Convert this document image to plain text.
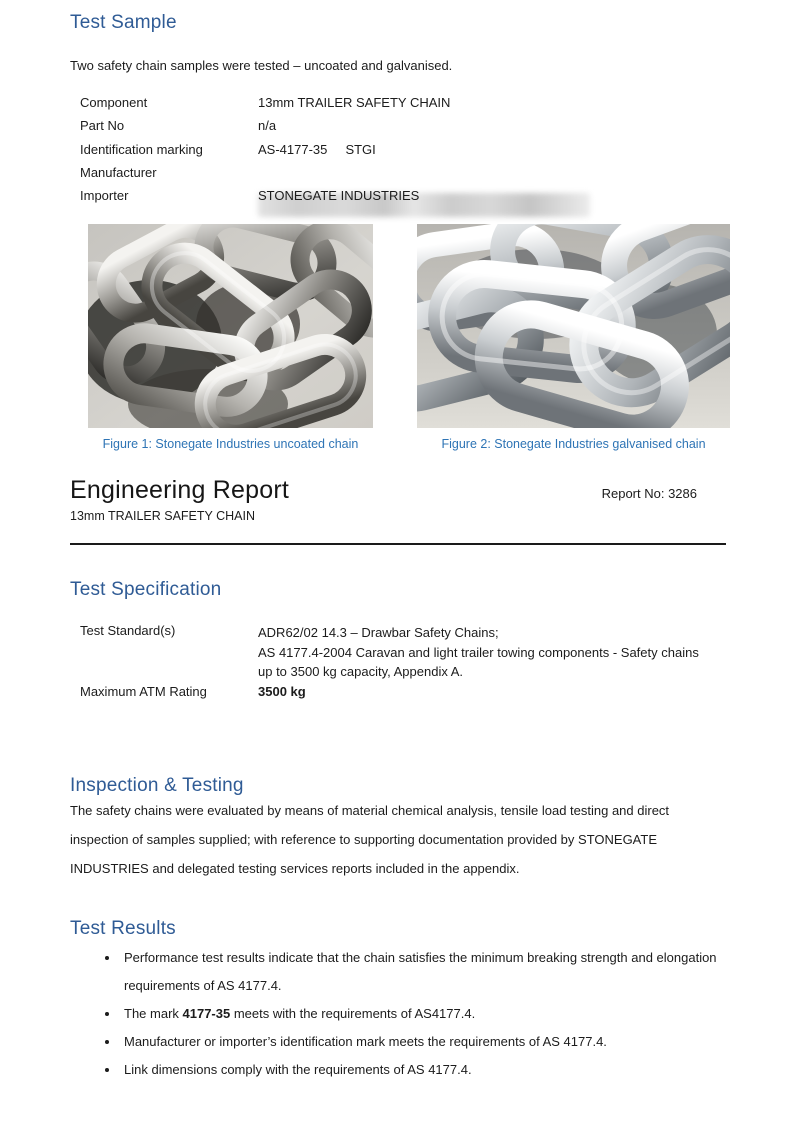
Test Sample

Two safety chain samples were tested – uncoated and galvanised.

Component	13mm TRAILER SAFETY CHAIN
Part No	n/a
Identification marking	AS-4177-35     STGI
Manufacturer

Importer	STONEGATE INDUSTRIES
Figure 1: Stonegate Industries uncoated chain	Figure 2: Stonegate Industries galvanised chain
Engineering Report	Report No: 3286
13mm TRAILER SAFETY CHAIN
Test Specification
Test Standard(s)	ADR62/02 14.3 – Drawbar Safety Chains;
AS 4177.4-2004 Caravan and light trailer towing components - Safety chains
up to 3500 kg capacity, Appendix A.
Maximum ATM Rating	3500 kg
Inspection & Testing

The safety chains were evaluated by means of material chemical analysis, tensile load testing and direct inspection of samples supplied; with reference to supporting documentation provided by STONEGATE INDUSTRIES and delegated testing services reports included in the appendix.

Test Results
• Performance test results indicate that the chain satisfies the minimum breaking strength and elongation requirements of AS 4177.4.
• The mark 4177-35 meets with the requirements of AS4177.4.
• Manufacturer or importer’s identification mark meets the requirements of AS 4177.4.
• Link dimensions comply with the requirements of AS 4177.4.
